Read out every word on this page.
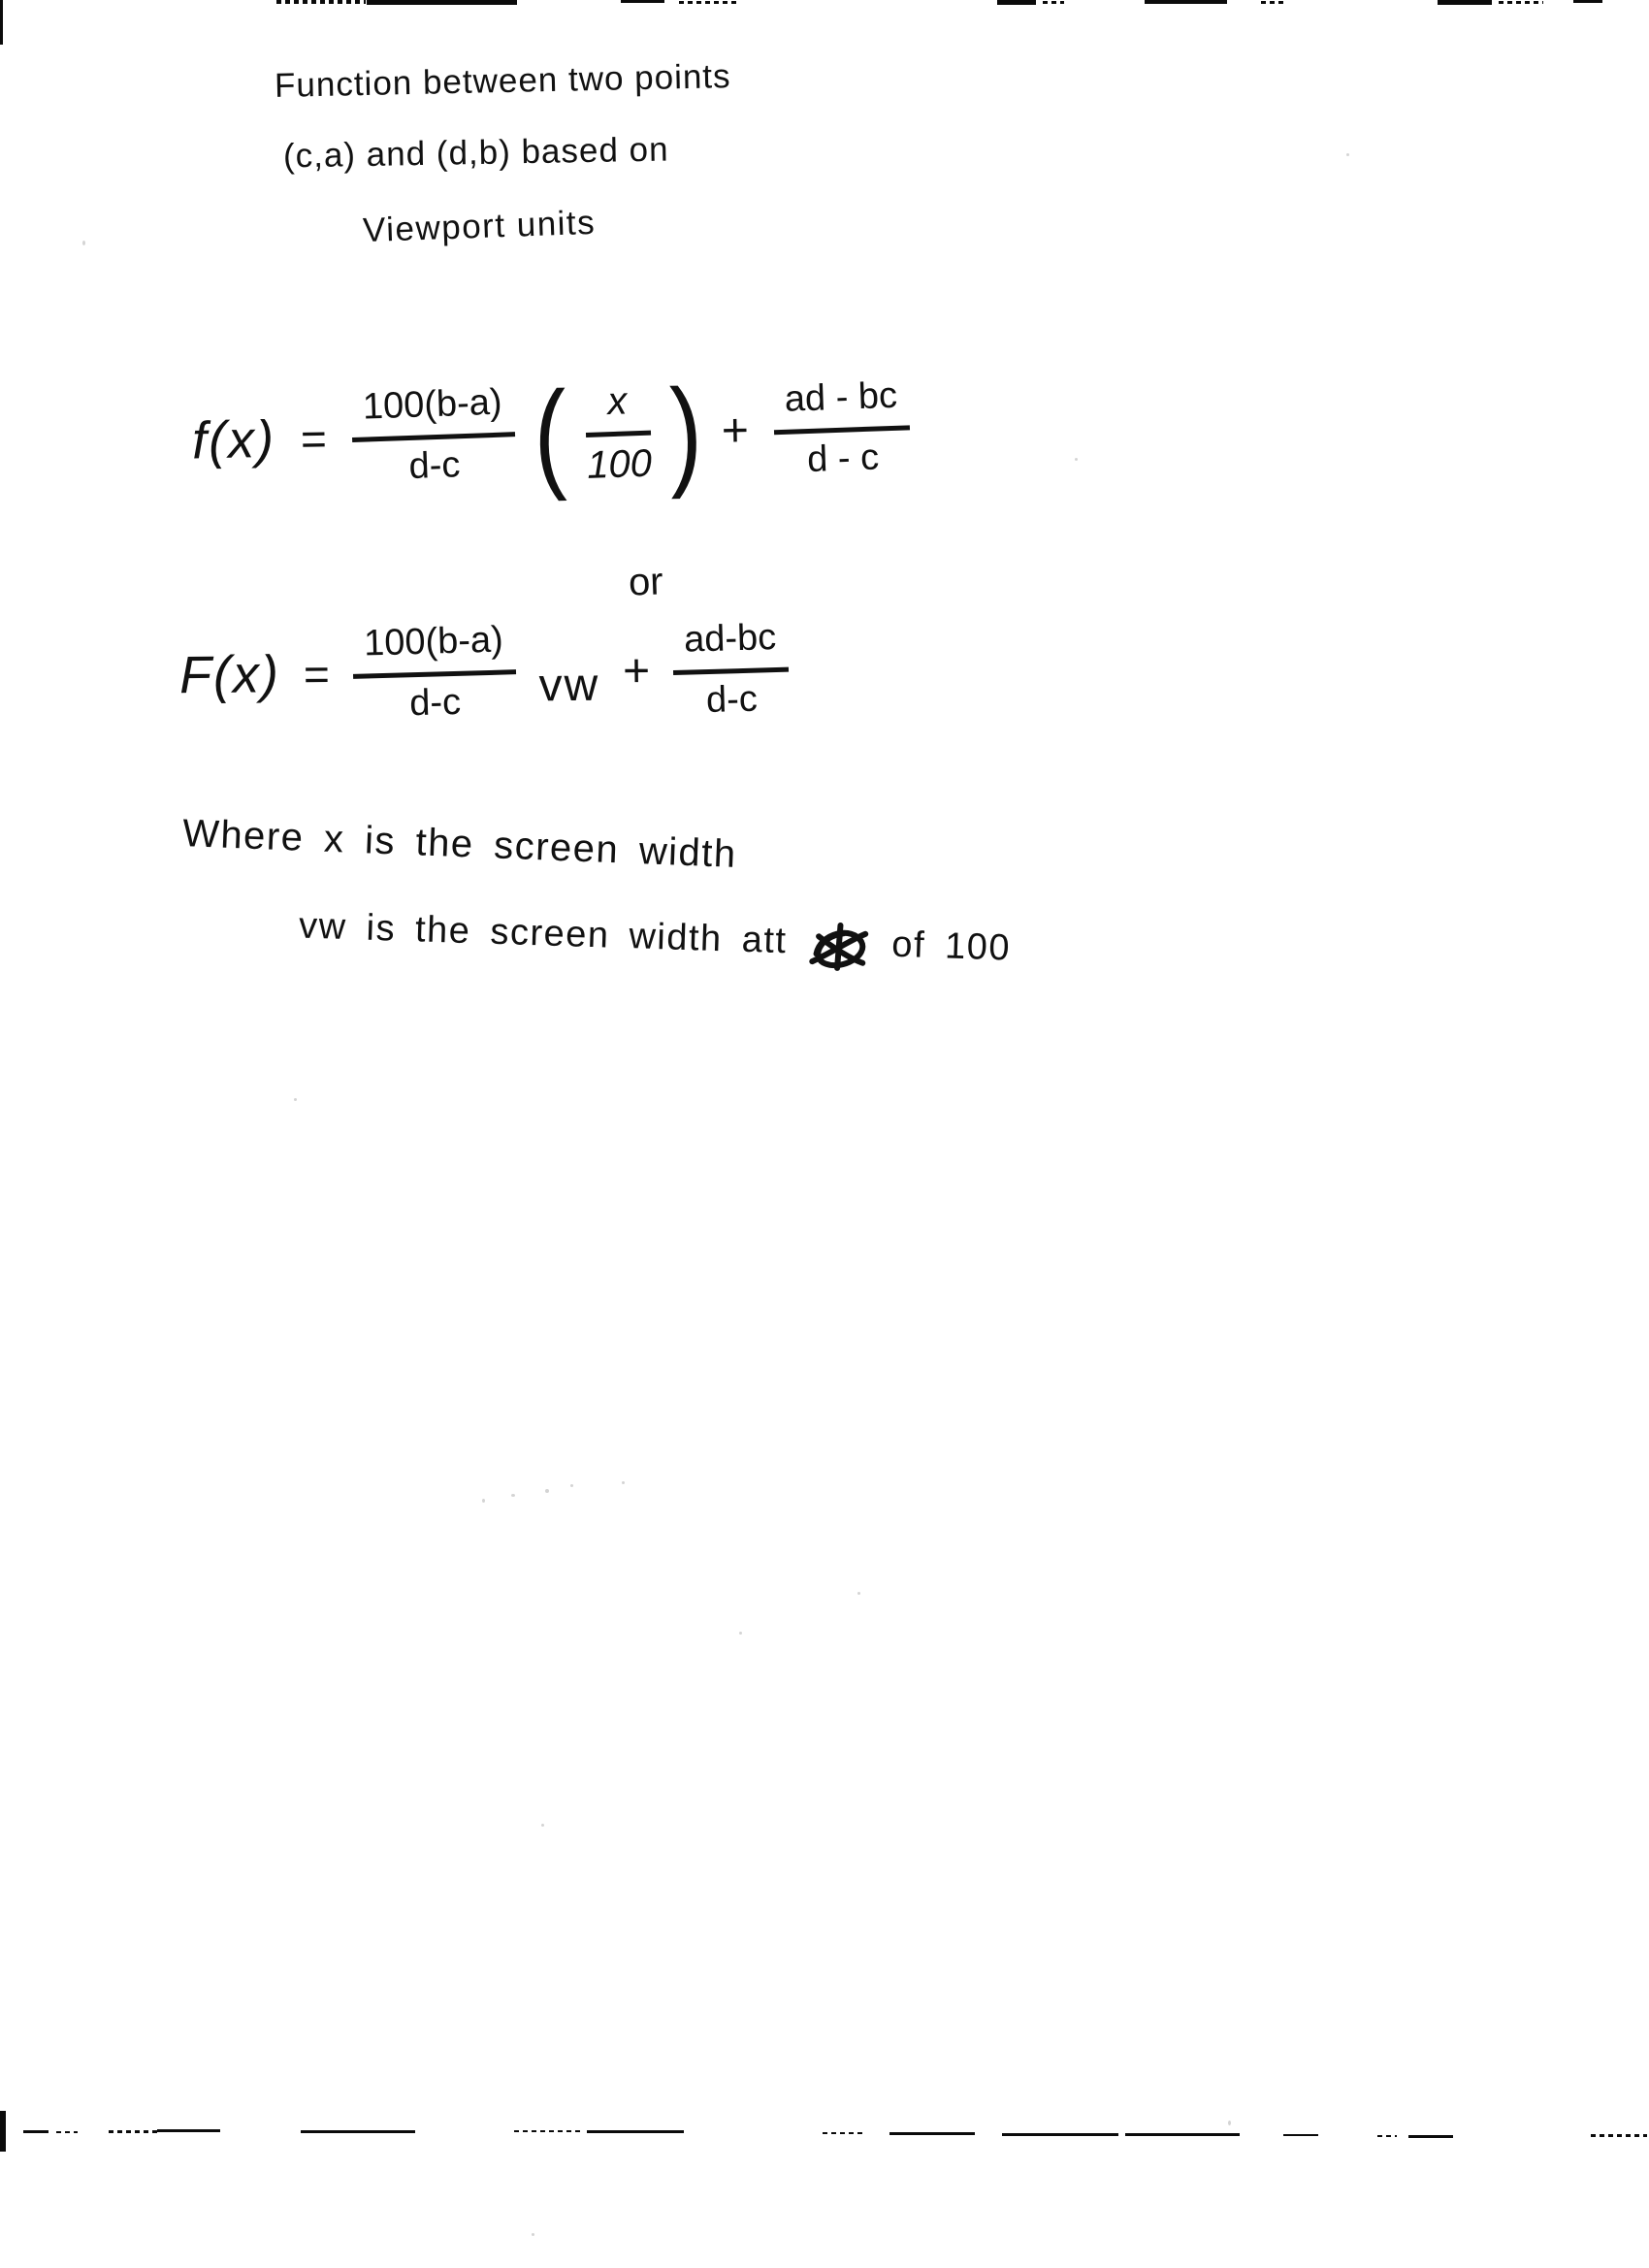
Function between two points
(c,a) and (d,b) based on
Viewport units
$f(x) = \frac{100(b-a)}{d-c}$ ( $\frac{x}{100}$ ) + $\frac{ad - bc}{d - c}$
or
$F(x) = \frac{100(b-a)}{d-c}$ vw + $\frac{ad-bc}{d-c}$
Where x is the screen width
vw is the screen width att	of 100
